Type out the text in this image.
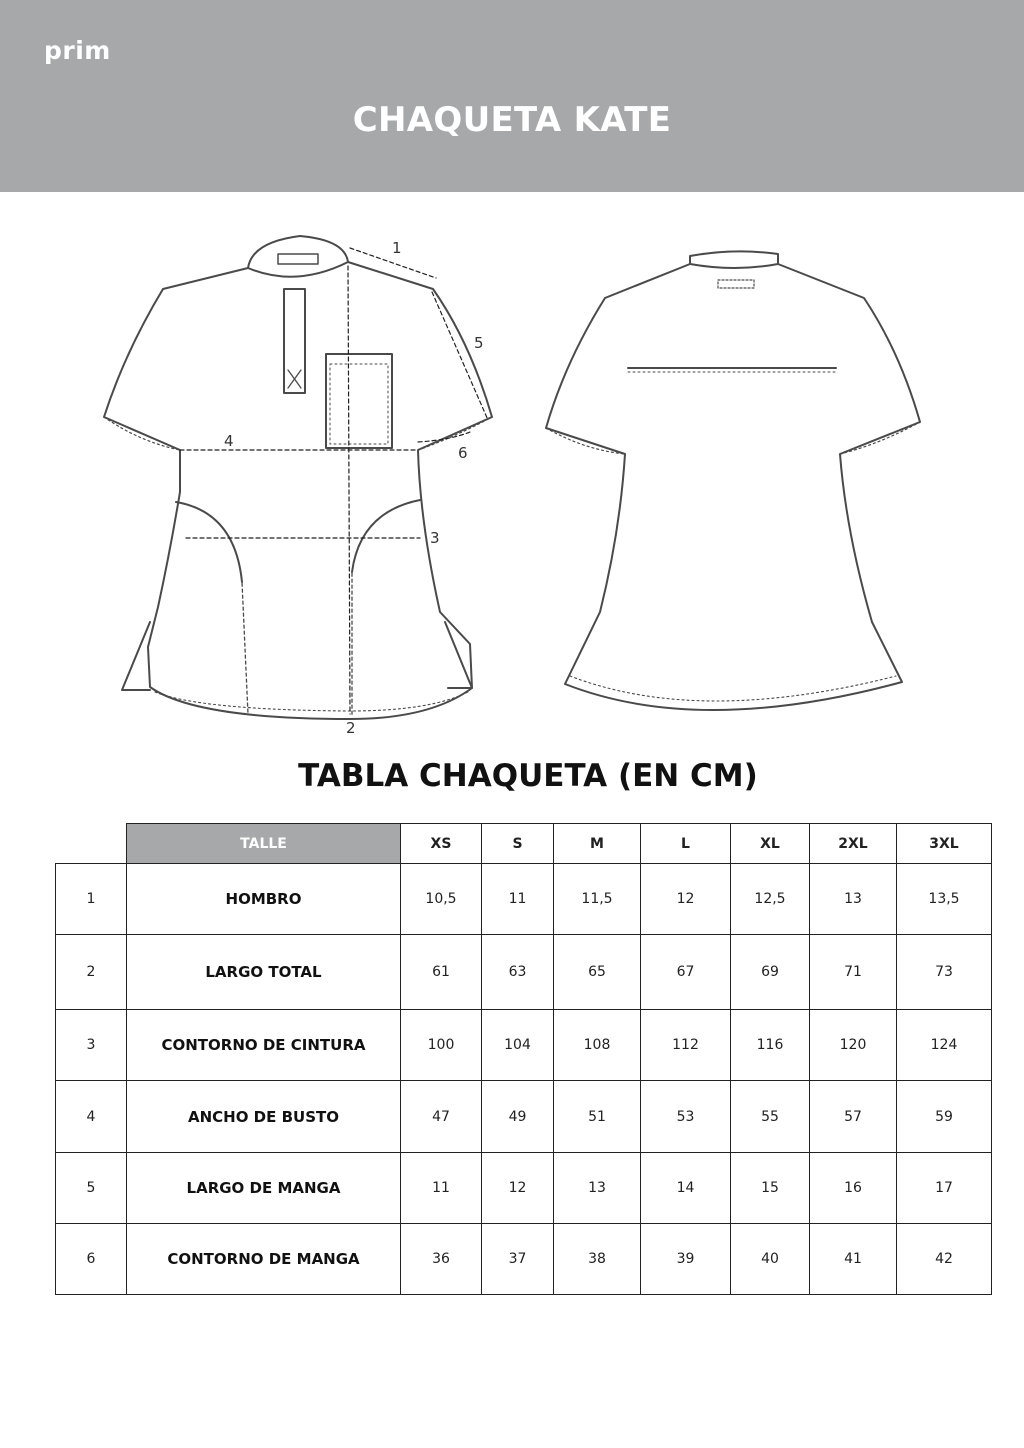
prim
CHAQUETA KATE
1
2
3
4
5
6
TABLA CHAQUETA (EN CM)
	TALLE	XS	S	M	L	XL	2XL	3XL
1	HOMBRO	10,5	11	11,5	12	12,5	13	13,5
2	LARGO TOTAL	61	63	65	67	69	71	73
3	CONTORNO DE CINTURA	100	104	108	112	116	120	124
4	ANCHO DE BUSTO	47	49	51	53	55	57	59
5	LARGO DE MANGA	11	12	13	14	15	16	17
6	CONTORNO DE MANGA	36	37	38	39	40	41	42
